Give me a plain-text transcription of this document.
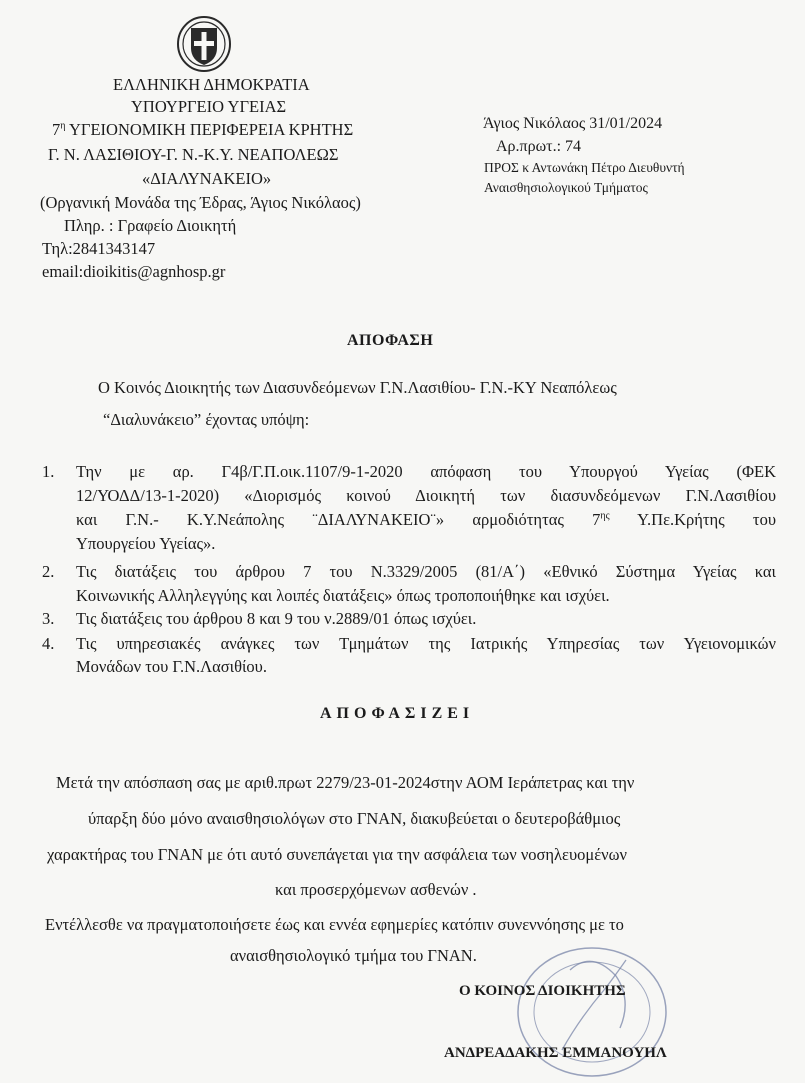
ΕΛΛΗΝΙΚΗ ΔΗΜΟΚΡΑΤΙΑ
ΥΠΟΥΡΓΕΙΟ ΥΓΕΙΑΣ
$7^\eta$ ΥΓΕΙΟΝΟΜΙΚΗ ΠΕΡΙΦΕΡΕΙΑ ΚΡΗΤΗΣ
Γ. Ν. ΛΑΣΙΘΙΟΥ-Γ. Ν.-Κ.Υ. ΝΕΑΠΟΛΕΩΣ
«ΔΙΑΛΥΝΑΚΕΙΟ»
(Οργανική Μονάδα της Έδρας, Άγιος Νικόλαος)
Πληρ. : Γραφείο Διοικητή
Τηλ:2841343147
email:dioikitis@agnhosp.gr
Άγιος Νικόλαος 31/01/2024
Αρ.πρωτ.: 74
ΠΡΟΣ κ Αντωνάκη Πέτρο Διευθυντή
Αναισθησιολογικού Τμήματος
ΑΠΟΦΑΣΗ
Ο Κοινός Διοικητής των Διασυνδεόμενων Γ.Ν.Λασιθίου- Γ.Ν.-ΚΥ Νεαπόλεως
“Διαλυνάκειο” έχοντας υπόψη:
1. Την με αρ. Γ4β/Γ.Π.οικ.1107/9-1-2020 απόφαση του Υπουργού Υγείας (ΦΕΚ
12/ΥΟΔΔ/13-1-2020) «Διορισμός κοινού Διοικητή των διασυνδεόμενων Γ.Ν.Λασιθίου
και Γ.Ν.- Κ.Υ.Νεάπολης ¨ΔΙΑΛΥΝΑΚΕΙΟ¨» αρμοδιότητας $7^{\eta\varsigma}$ Υ.Πε.Κρήτης του
Υπουργείου Υγείας».
2. Τις διατάξεις του άρθρου 7 του Ν.3329/2005 (81/Α΄) «Εθνικό Σύστημα Υγείας και
Κοινωνικής Αλληλεγγύης και λοιπές διατάξεις» όπως τροποποιήθηκε και ισχύει.
3. Τις διατάξεις του άρθρου 8 και 9 του ν.2889/01 όπως ισχύει.
4. Τις υπηρεσιακές ανάγκες των Τμημάτων της Ιατρικής Υπηρεσίας των Υγειονομικών
Μονάδων του Γ.Ν.Λασιθίου.
ΑΠΟΦΑΣΙΖΕΙ
Μετά την απόσπαση σας με αριθ.πρωτ 2279/23-01-2024στην ΑΟΜ Ιεράπετρας και την
ύπαρξη δύο μόνο αναισθησιολόγων στο ΓΝΑΝ, διακυβεύεται ο δευτεροβάθμιος
χαρακτήρας του ΓΝΑΝ με ότι αυτό συνεπάγεται για την ασφάλεια των νοσηλευομένων
και προσερχόμενων ασθενών .
Εντέλλεσθε να πραγματοποιήσετε έως και εννέα εφημερίες κατόπιν συνεννόησης με το
αναισθησιολογικό τμήμα του ΓΝΑΝ.
Ο ΚΟΙΝΟΣ ΔΙΟΙΚΗΤΗΣ
ΑΝΔΡΕΑΔΑΚΗΣ ΕΜΜΑΝΟΥΗΛ
